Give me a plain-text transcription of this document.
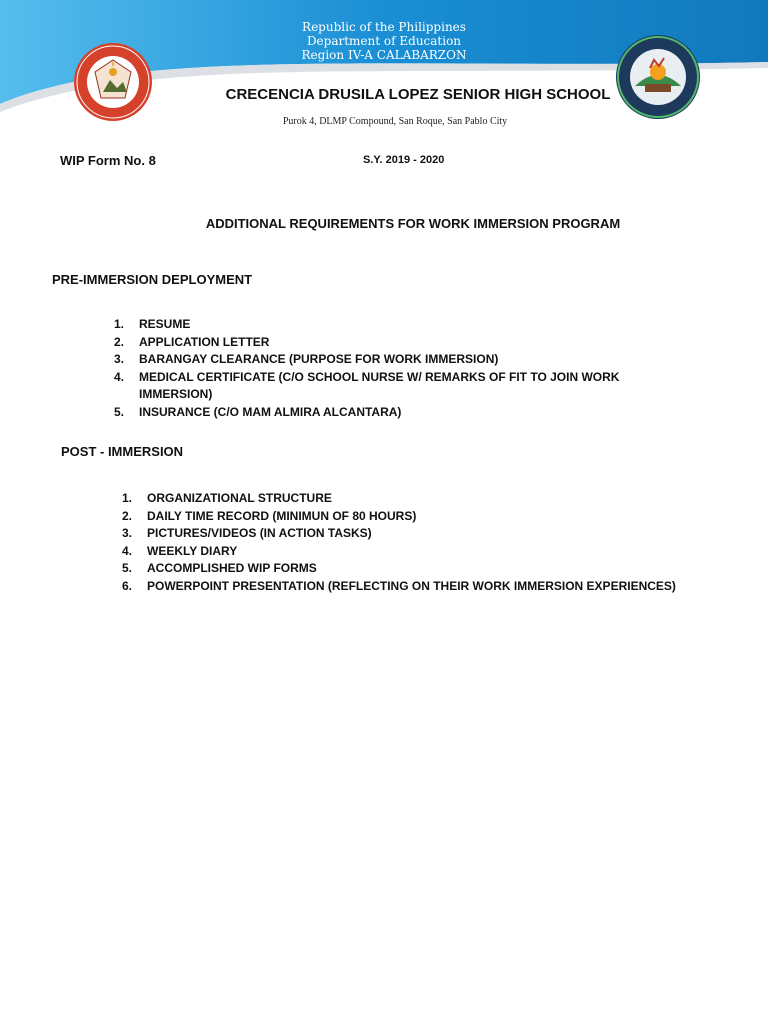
Republic of the Philippines
Department of Education
Region IV-A CALABARZON
CRECENCIA DRUSILA LOPEZ SENIOR HIGH SCHOOL
Purok 4, DLMP Compound, San Roque, San Pablo City
WIP Form No. 8	S.Y. 2019 - 2020
ADDITIONAL REQUIREMENTS FOR WORK IMMERSION PROGRAM
PRE-IMMERSION DEPLOYMENT
1. RESUME
2. APPLICATION LETTER
3. BARANGAY CLEARANCE (PURPOSE FOR WORK IMMERSION)
4. MEDICAL CERTIFICATE (C/O SCHOOL NURSE W/ REMARKS OF FIT TO JOIN WORK IMMERSION)
5. INSURANCE (C/O MAM ALMIRA ALCANTARA)
POST - IMMERSION
1. ORGANIZATIONAL STRUCTURE
2. DAILY TIME RECORD (MINIMUN OF 80 HOURS)
3. PICTURES/VIDEOS (IN ACTION TASKS)
4. WEEKLY DIARY
5. ACCOMPLISHED WIP FORMS
6. POWERPOINT PRESENTATION (REFLECTING ON THEIR WORK IMMERSION EXPERIENCES)
